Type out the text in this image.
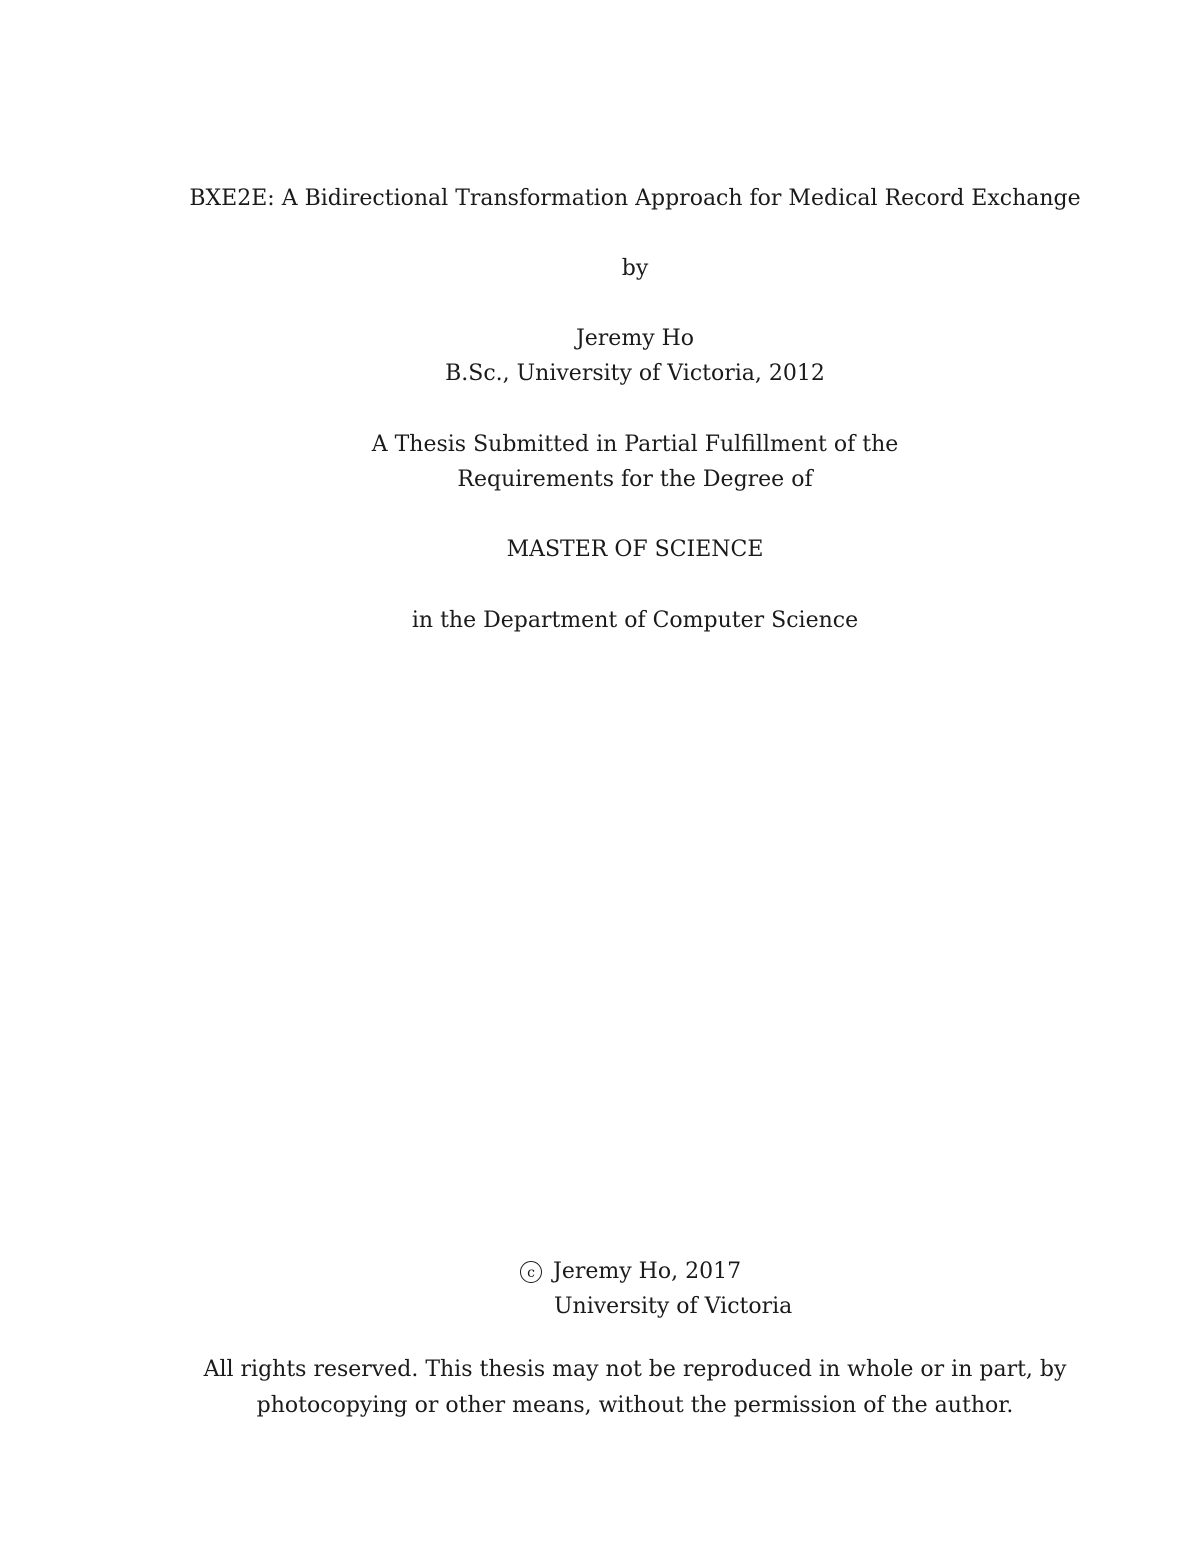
BXE2E: A Bidirectional Transformation Approach for Medical Record Exchange

by

Jeremy Ho

B.Sc., University of Victoria, 2012

A Thesis Submitted in Partial Fulfillment of the

Requirements for the Degree of

MASTER OF SCIENCE

in the Department of Computer Science

c Jeremy Ho, 2017
University of Victoria
All rights reserved. This thesis may not be reproduced in whole or in part, by
photocopying or other means, without the permission of the author.
